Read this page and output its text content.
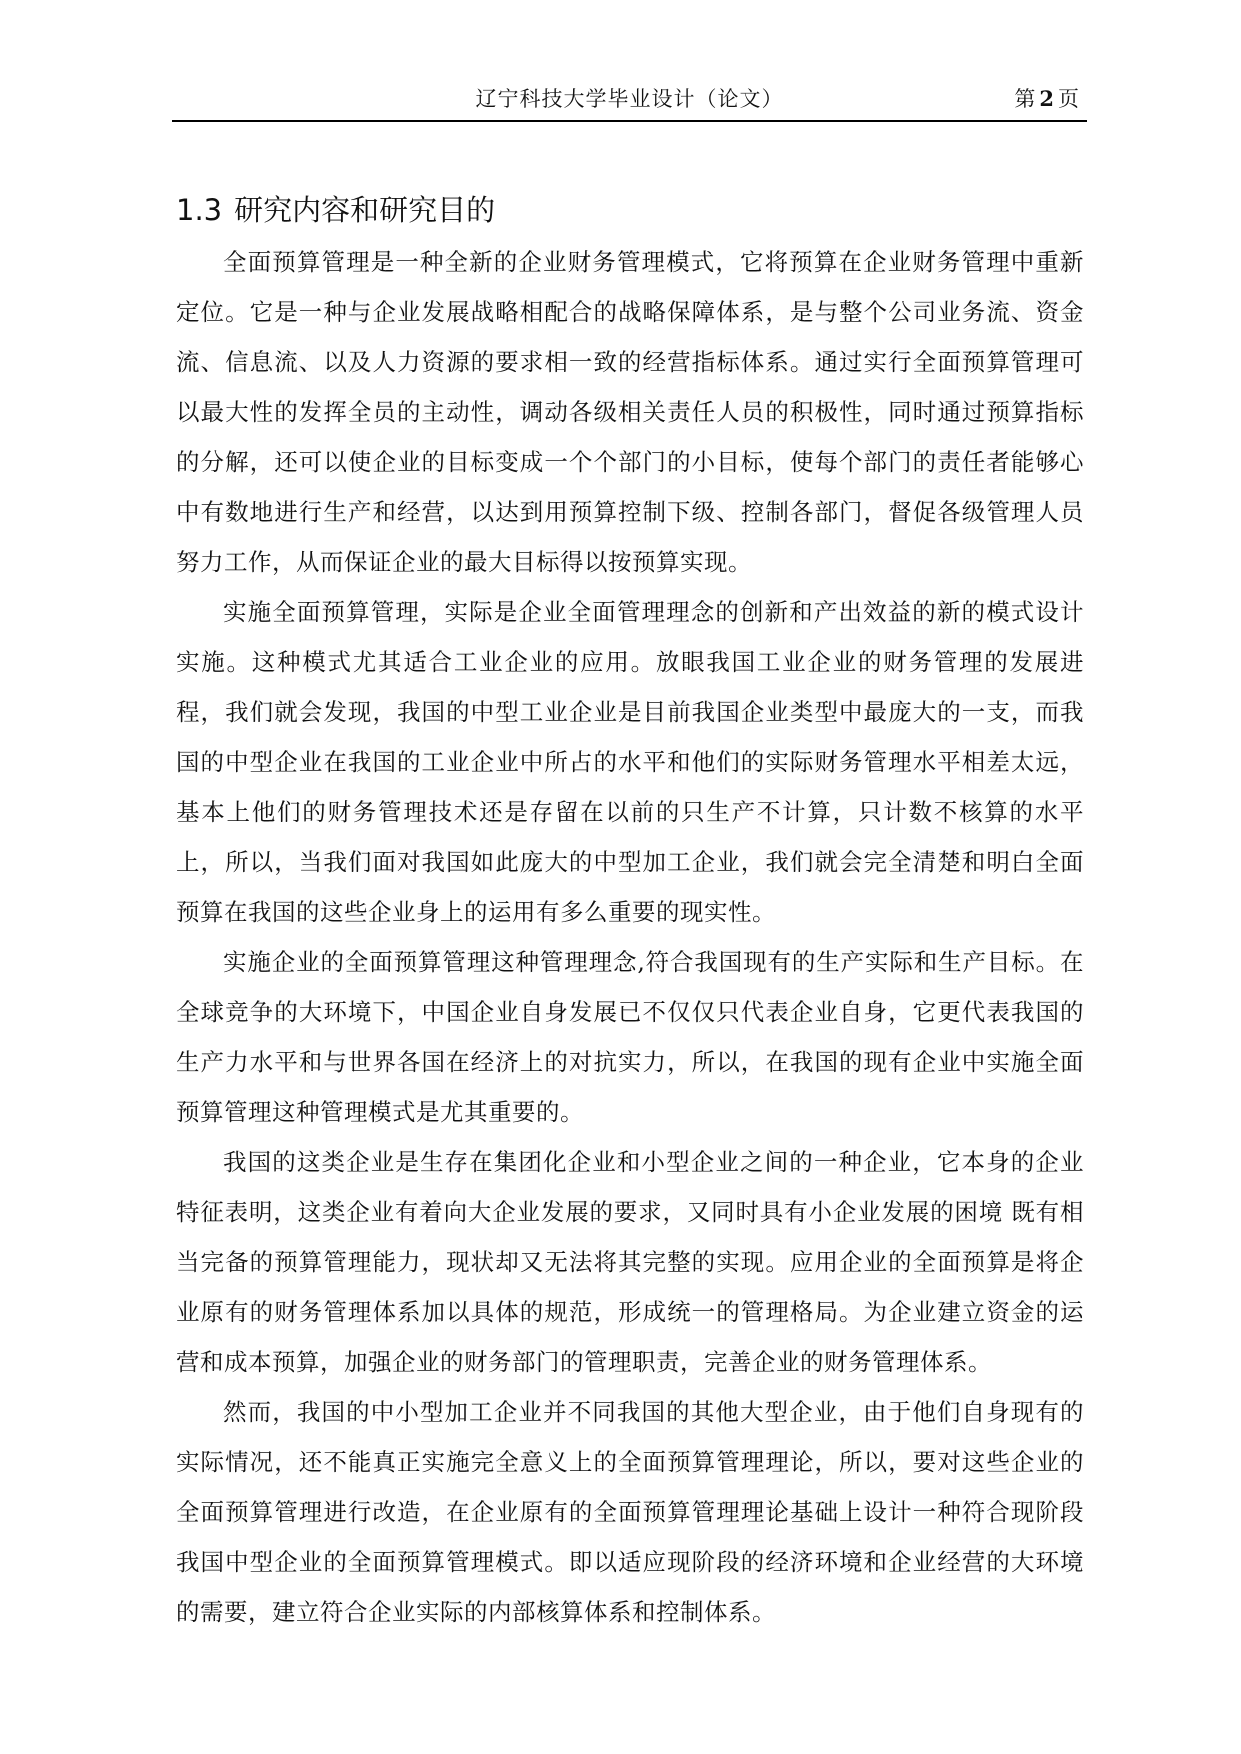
辽宁科技大学毕业设计（论文）	第 2 页
1.3 研究内容和研究目的

全面预算管理是一种全新的企业财务管理模式，它将预算在企业财务管理中重新定位。它是一种与企业发展战略相配合的战略保障体系，是与整个公司业务流、资金流、信息流、以及人力资源的要求相一致的经营指标体系。通过实行全面预算管理可以最大性的发挥全员的主动性，调动各级相关责任人员的积极性，同时通过预算指标的分解，还可以使企业的目标变成一个个部门的小目标，使每个部门的责任者能够心中有数地进行生产和经营，以达到用预算控制下级、控制各部门，督促各级管理人员努力工作，从而保证企业的最大目标得以按预算实现。

实施全面预算管理，实际是企业全面管理理念的创新和产出效益的新的模式设计实施。这种模式尤其适合工业企业的应用。放眼我国工业企业的财务管理的发展进程，我们就会发现，我国的中型工业企业是目前我国企业类型中最庞大的一支，而我国的中型企业在我国的工业企业中所占的水平和他们的实际财务管理水平相差太远，基本上他们的财务管理技术还是存留在以前的只生产不计算，只计数不核算的水平上，所以，当我们面对我国如此庞大的中型加工企业，我们就会完全清楚和明白全面预算在我国的这些企业身上的运用有多么重要的现实性。

实施企业的全面预算管理这种管理理念,符合我国现有的生产实际和生产目标。在全球竞争的大环境下，中国企业自身发展已不仅仅只代表企业自身，它更代表我国的生产力水平和与世界各国在经济上的对抗实力，所以，在我国的现有企业中实施全面预算管理这种管理模式是尤其重要的。

我国的这类企业是生存在集团化企业和小型企业之间的一种企业，它本身的企业特征表明，这类企业有着向大企业发展的要求，又同时具有小企业发展的困境 既有相当完备的预算管理能力，现状却又无法将其完整的实现。应用企业的全面预算是将企业原有的财务管理体系加以具体的规范，形成统一的管理格局。为企业建立资金的运营和成本预算，加强企业的财务部门的管理职责，完善企业的财务管理体系。

然而，我国的中小型加工企业并不同我国的其他大型企业，由于他们自身现有的实际情况，还不能真正实施完全意义上的全面预算管理理论，所以，要对这些企业的全面预算管理进行改造，在企业原有的全面预算管理理论基础上设计一种符合现阶段我国中型企业的全面预算管理模式。即以适应现阶段的经济环境和企业经营的大环境的需要，建立符合企业实际的内部核算体系和控制体系。
